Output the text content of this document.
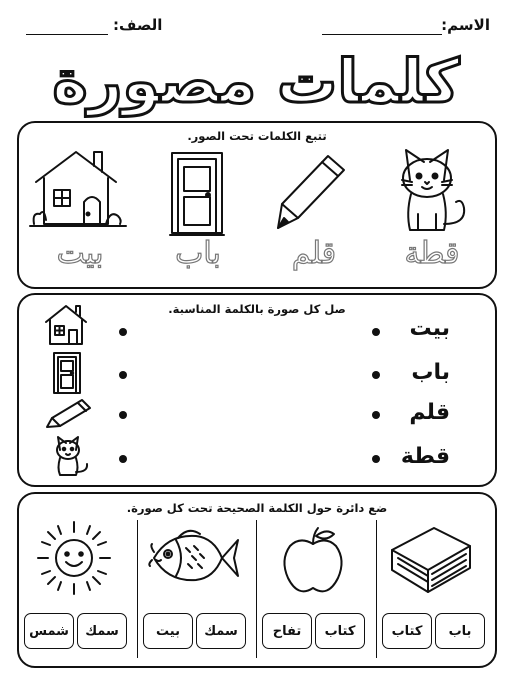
الاسم:
الصف:
كلمات مصورة
تتبع الكلمات تحت الصور.
قطة
قلم
باب
بيت
صل كل صورة بالكلمة المناسبة.
بيت
باب
قلم
قطة
ضع دائرة حول الكلمة الصحيحة تحت كل صورة.
باب
كتاب
كتاب
تفاح
سمك
بيت
شمس	سمك
